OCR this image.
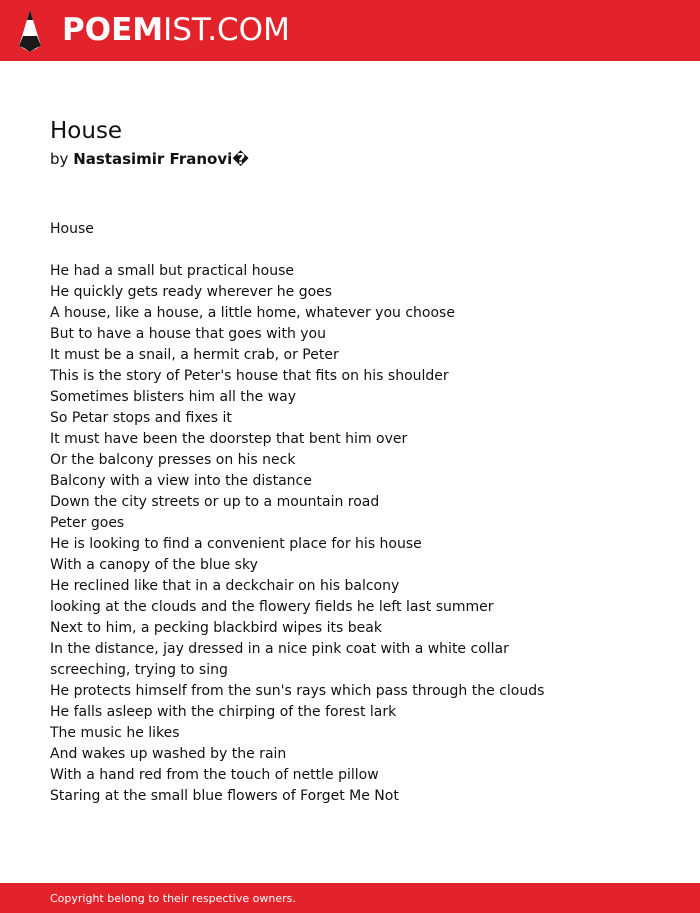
POEMIST.COM
House
by Nastasimir Franovi�
House
He had a small but practical house
He quickly gets ready wherever he goes
A house, like a house, a little home, whatever you choose
But to have a house that goes with you
It must be a snail, a hermit crab, or Peter
This is the story of Peter's house that fits on his shoulder
Sometimes blisters him all the way
So Petar stops and fixes it
It must have been the doorstep that bent him over
Or the balcony presses on his neck
Balcony with a view into the distance
Down the city streets or up to a mountain road
Peter goes
He is looking to find a convenient place for his house
With a canopy of the blue sky
He reclined like that in a deckchair on his balcony
looking at the clouds and the flowery fields he left last summer
Next to him, a pecking blackbird wipes its beak
In the distance, jay dressed in a nice pink coat with a white collar
screeching, trying to sing
He protects himself from the sun's rays which pass through the clouds
He falls asleep with the chirping of the forest lark
The music he likes
And wakes up washed by the rain
With a hand red from the touch of nettle pillow
Staring at the small blue flowers of Forget Me Not
Copyright belong to their respective owners.
